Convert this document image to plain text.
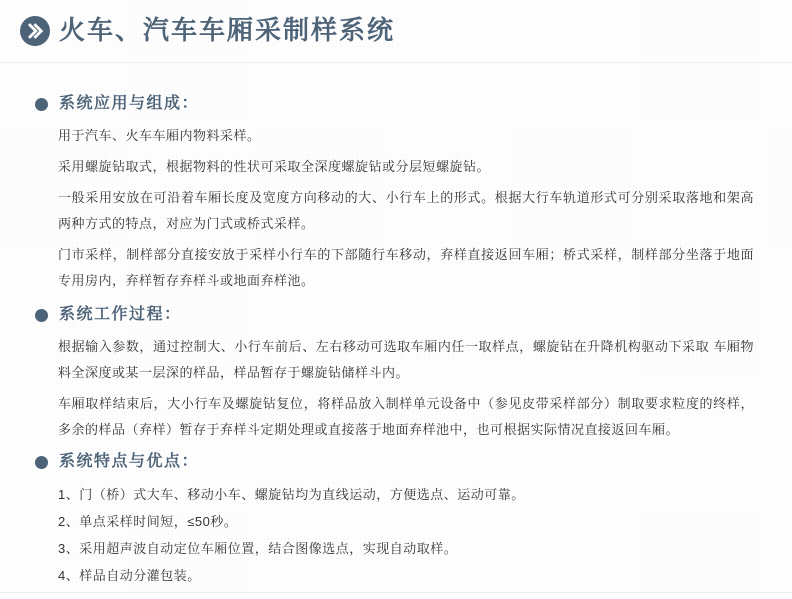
火车、汽车车厢采制样系统
系统应用与组成：

用于汽车、火车车厢内物料采样。

采用螺旋钻取式，根据物料的性状可采取全深度螺旋钻或分层短螺旋钻。

一般采用安放在可沿着车厢长度及宽度方向移动的大、小行车上的形式。根据大行车轨道形式可分别采取落地和架高两种方式的特点，对应为门式或桥式采样。

门市采样，制样部分直接安放于采样小行车的下部随行车移动，弃样直接返回车厢；桥式采样，制样部分坐落于地面专用房内，弃样暂存弃样斗或地面弃样池。

系统工作过程：

根据输入参数，通过控制大、小行车前后、左右移动可选取车厢内任一取样点，螺旋钻在升降机构驱动下采取 车厢物料全深度或某一层深的样品，样品暂存于螺旋钻储样斗内。

车厢取样结束后，大小行车及螺旋钻复位，将样品放入制样单元设备中（参见皮带采样部分）制取要求粒度的终样，多余的样品（弃样）暂存于弃样斗定期处理或直接落于地面弃样池中，也可根据实际情况直接返回车厢。

系统特点与优点：

1、门（桥）式大车、移动小车、螺旋钻均为直线运动，方便选点、运动可靠。

2、单点采样时间短，≤50秒。

3、采用超声波自动定位车厢位置，结合图像选点，实现自动取样。

4、样品自动分灌包装。
